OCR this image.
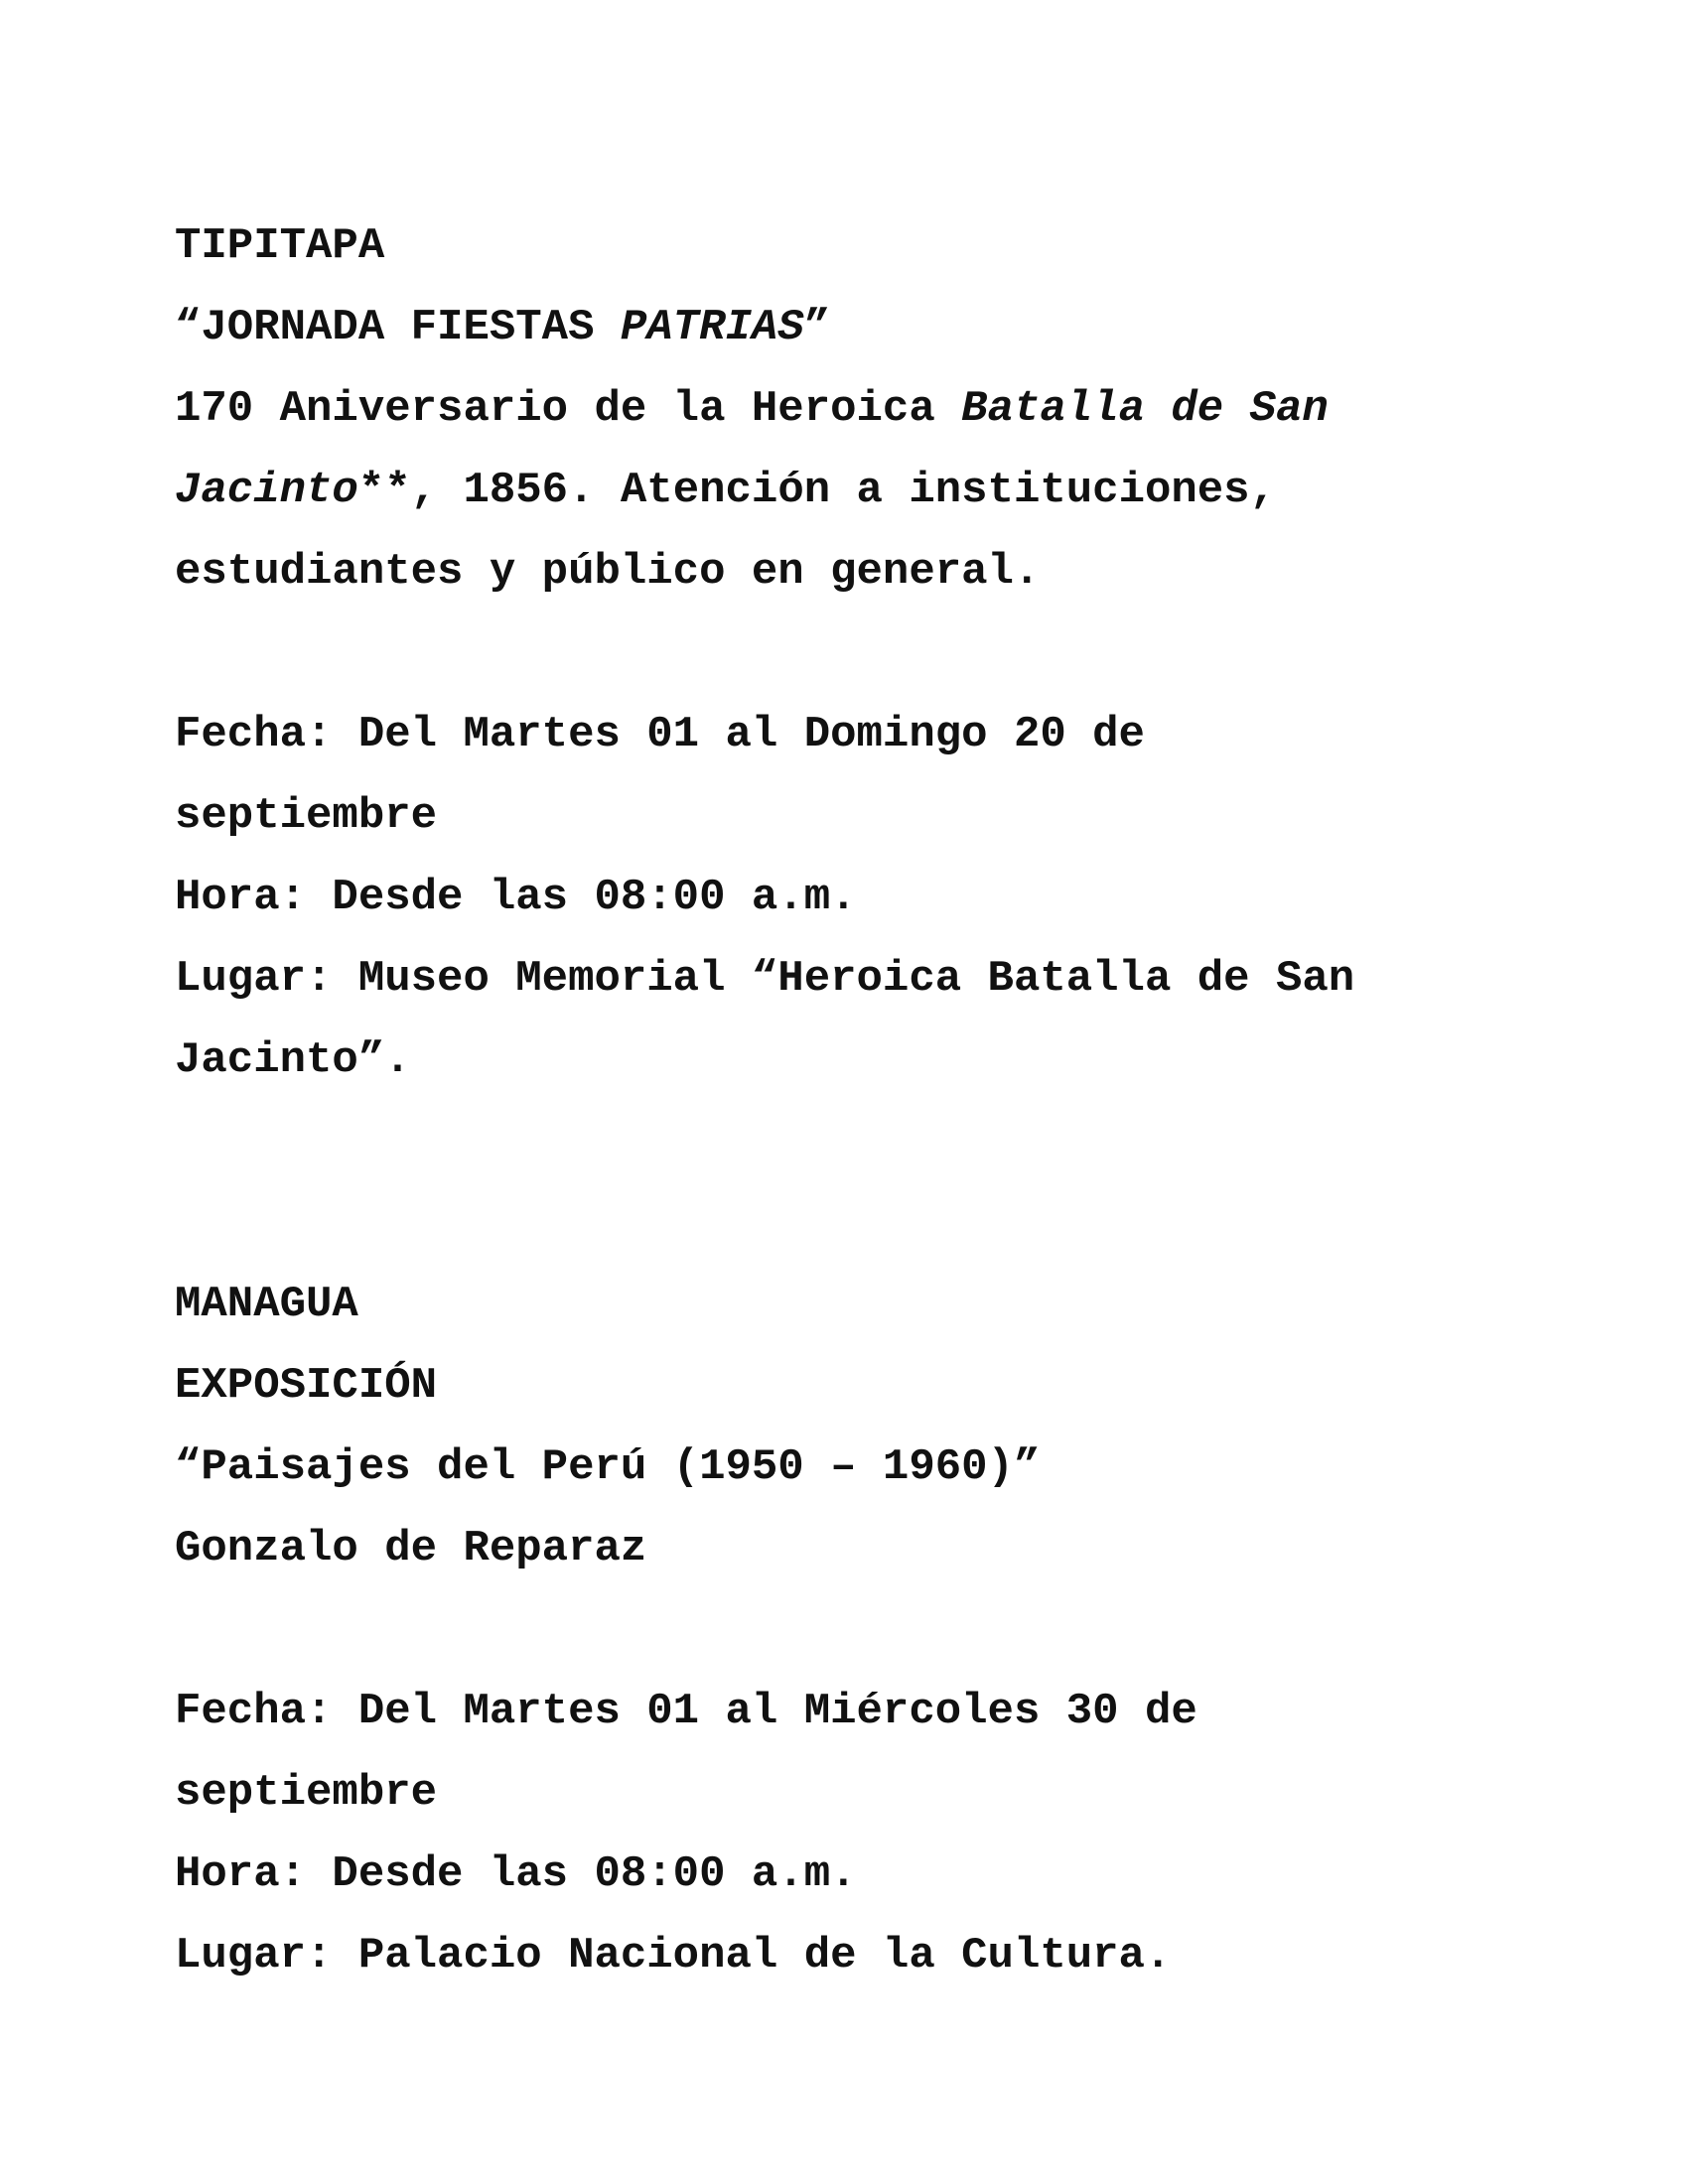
TIPITAPA
“JORNADA FIESTAS PATRIAS”
170 Aniversario de la Heroica Batalla de San
Jacinto**, 1856. Atención a instituciones,
estudiantes y público en general.
Fecha: Del Martes 01 al Domingo 20 de
septiembre
Hora: Desde las 08:00 a.m.
Lugar: Museo Memorial “Heroica Batalla de San
Jacinto”.
MANAGUA
EXPOSICIÓN
“Paisajes del Perú (1950 – 1960)”
Gonzalo de Reparaz
Fecha: Del Martes 01 al Miércoles 30 de
septiembre
Hora: Desde las 08:00 a.m.
Lugar: Palacio Nacional de la Cultura.
